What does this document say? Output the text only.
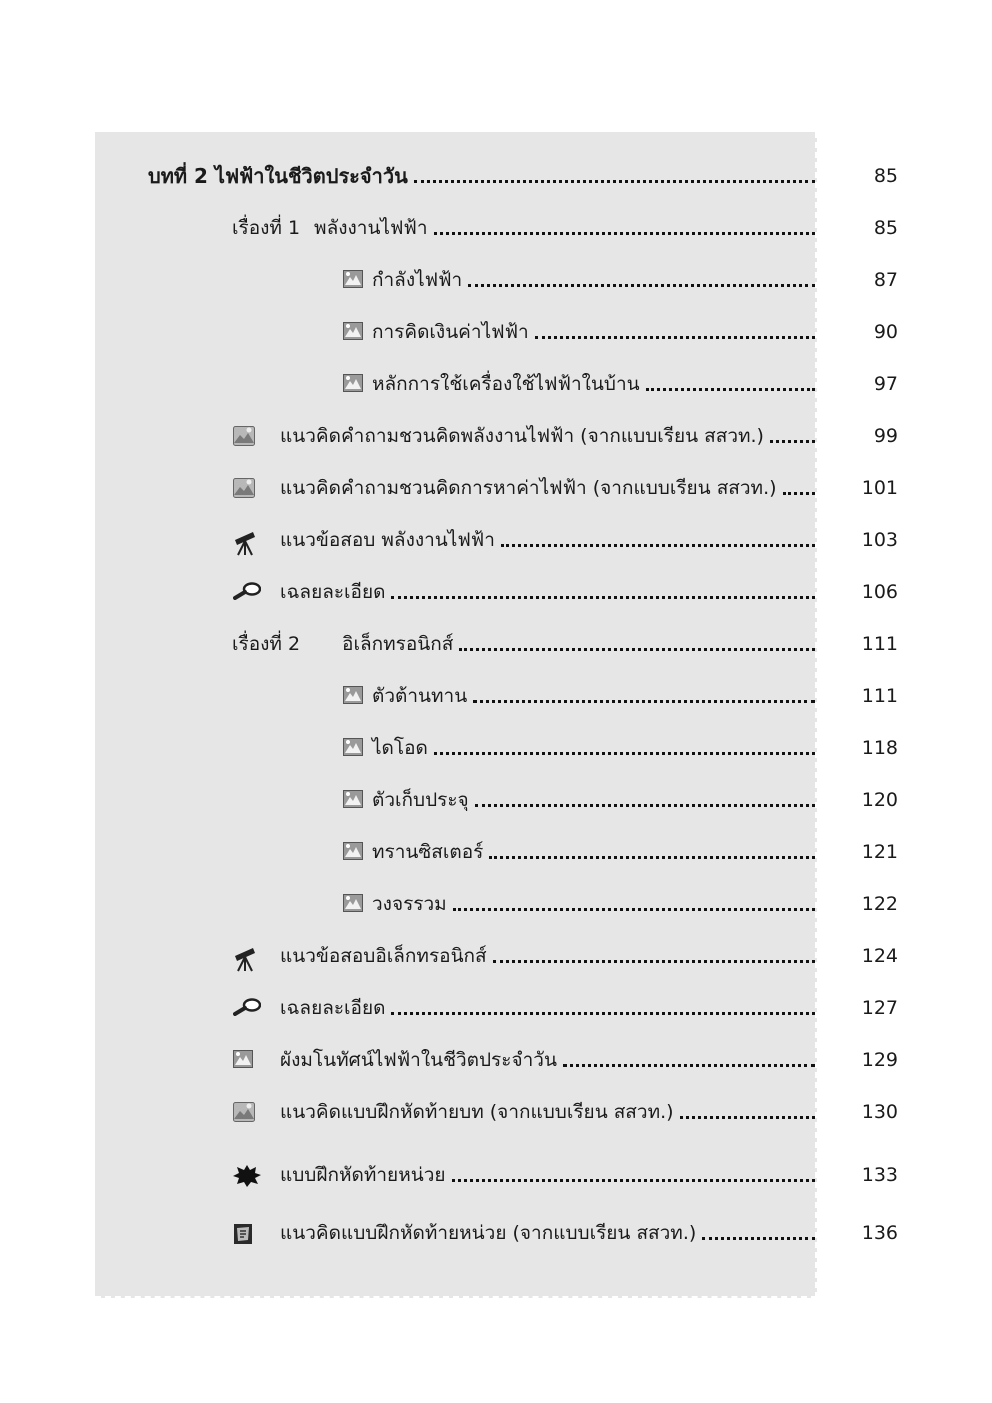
บทที่ 2 ไฟฟ้าในชีวิตประจำวัน	85
เรื่องที่ 1 พลังงานไฟฟ้า	85
กำลังไฟฟ้า	87
การคิดเงินค่าไฟฟ้า	90
หลักการใช้เครื่องใช้ไฟฟ้าในบ้าน	97
แนวคิดคำถามชวนคิดพลังงานไฟฟ้า (จากแบบเรียน สสวท.)	99
แนวคิดคำถามชวนคิดการหาค่าไฟฟ้า (จากแบบเรียน สสวท.)	101
แนวข้อสอบ พลังงานไฟฟ้า	103
เฉลยละเอียด	106
เรื่องที่ 2 อิเล็กทรอนิกส์	111
ตัวต้านทาน	111
ไดโอด	118
ตัวเก็บประจุ	120
ทรานซิสเตอร์	121
วงจรรวม	122
แนวข้อสอบอิเล็กทรอนิกส์	124
เฉลยละเอียด	127
ผังมโนทัศน์ไฟฟ้าในชีวิตประจำวัน	129
แนวคิดแบบฝึกหัดท้ายบท (จากแบบเรียน สสวท.)	130
แบบฝึกหัดท้ายหน่วย	133
แนวคิดแบบฝึกหัดท้ายหน่วย (จากแบบเรียน สสวท.)	136
